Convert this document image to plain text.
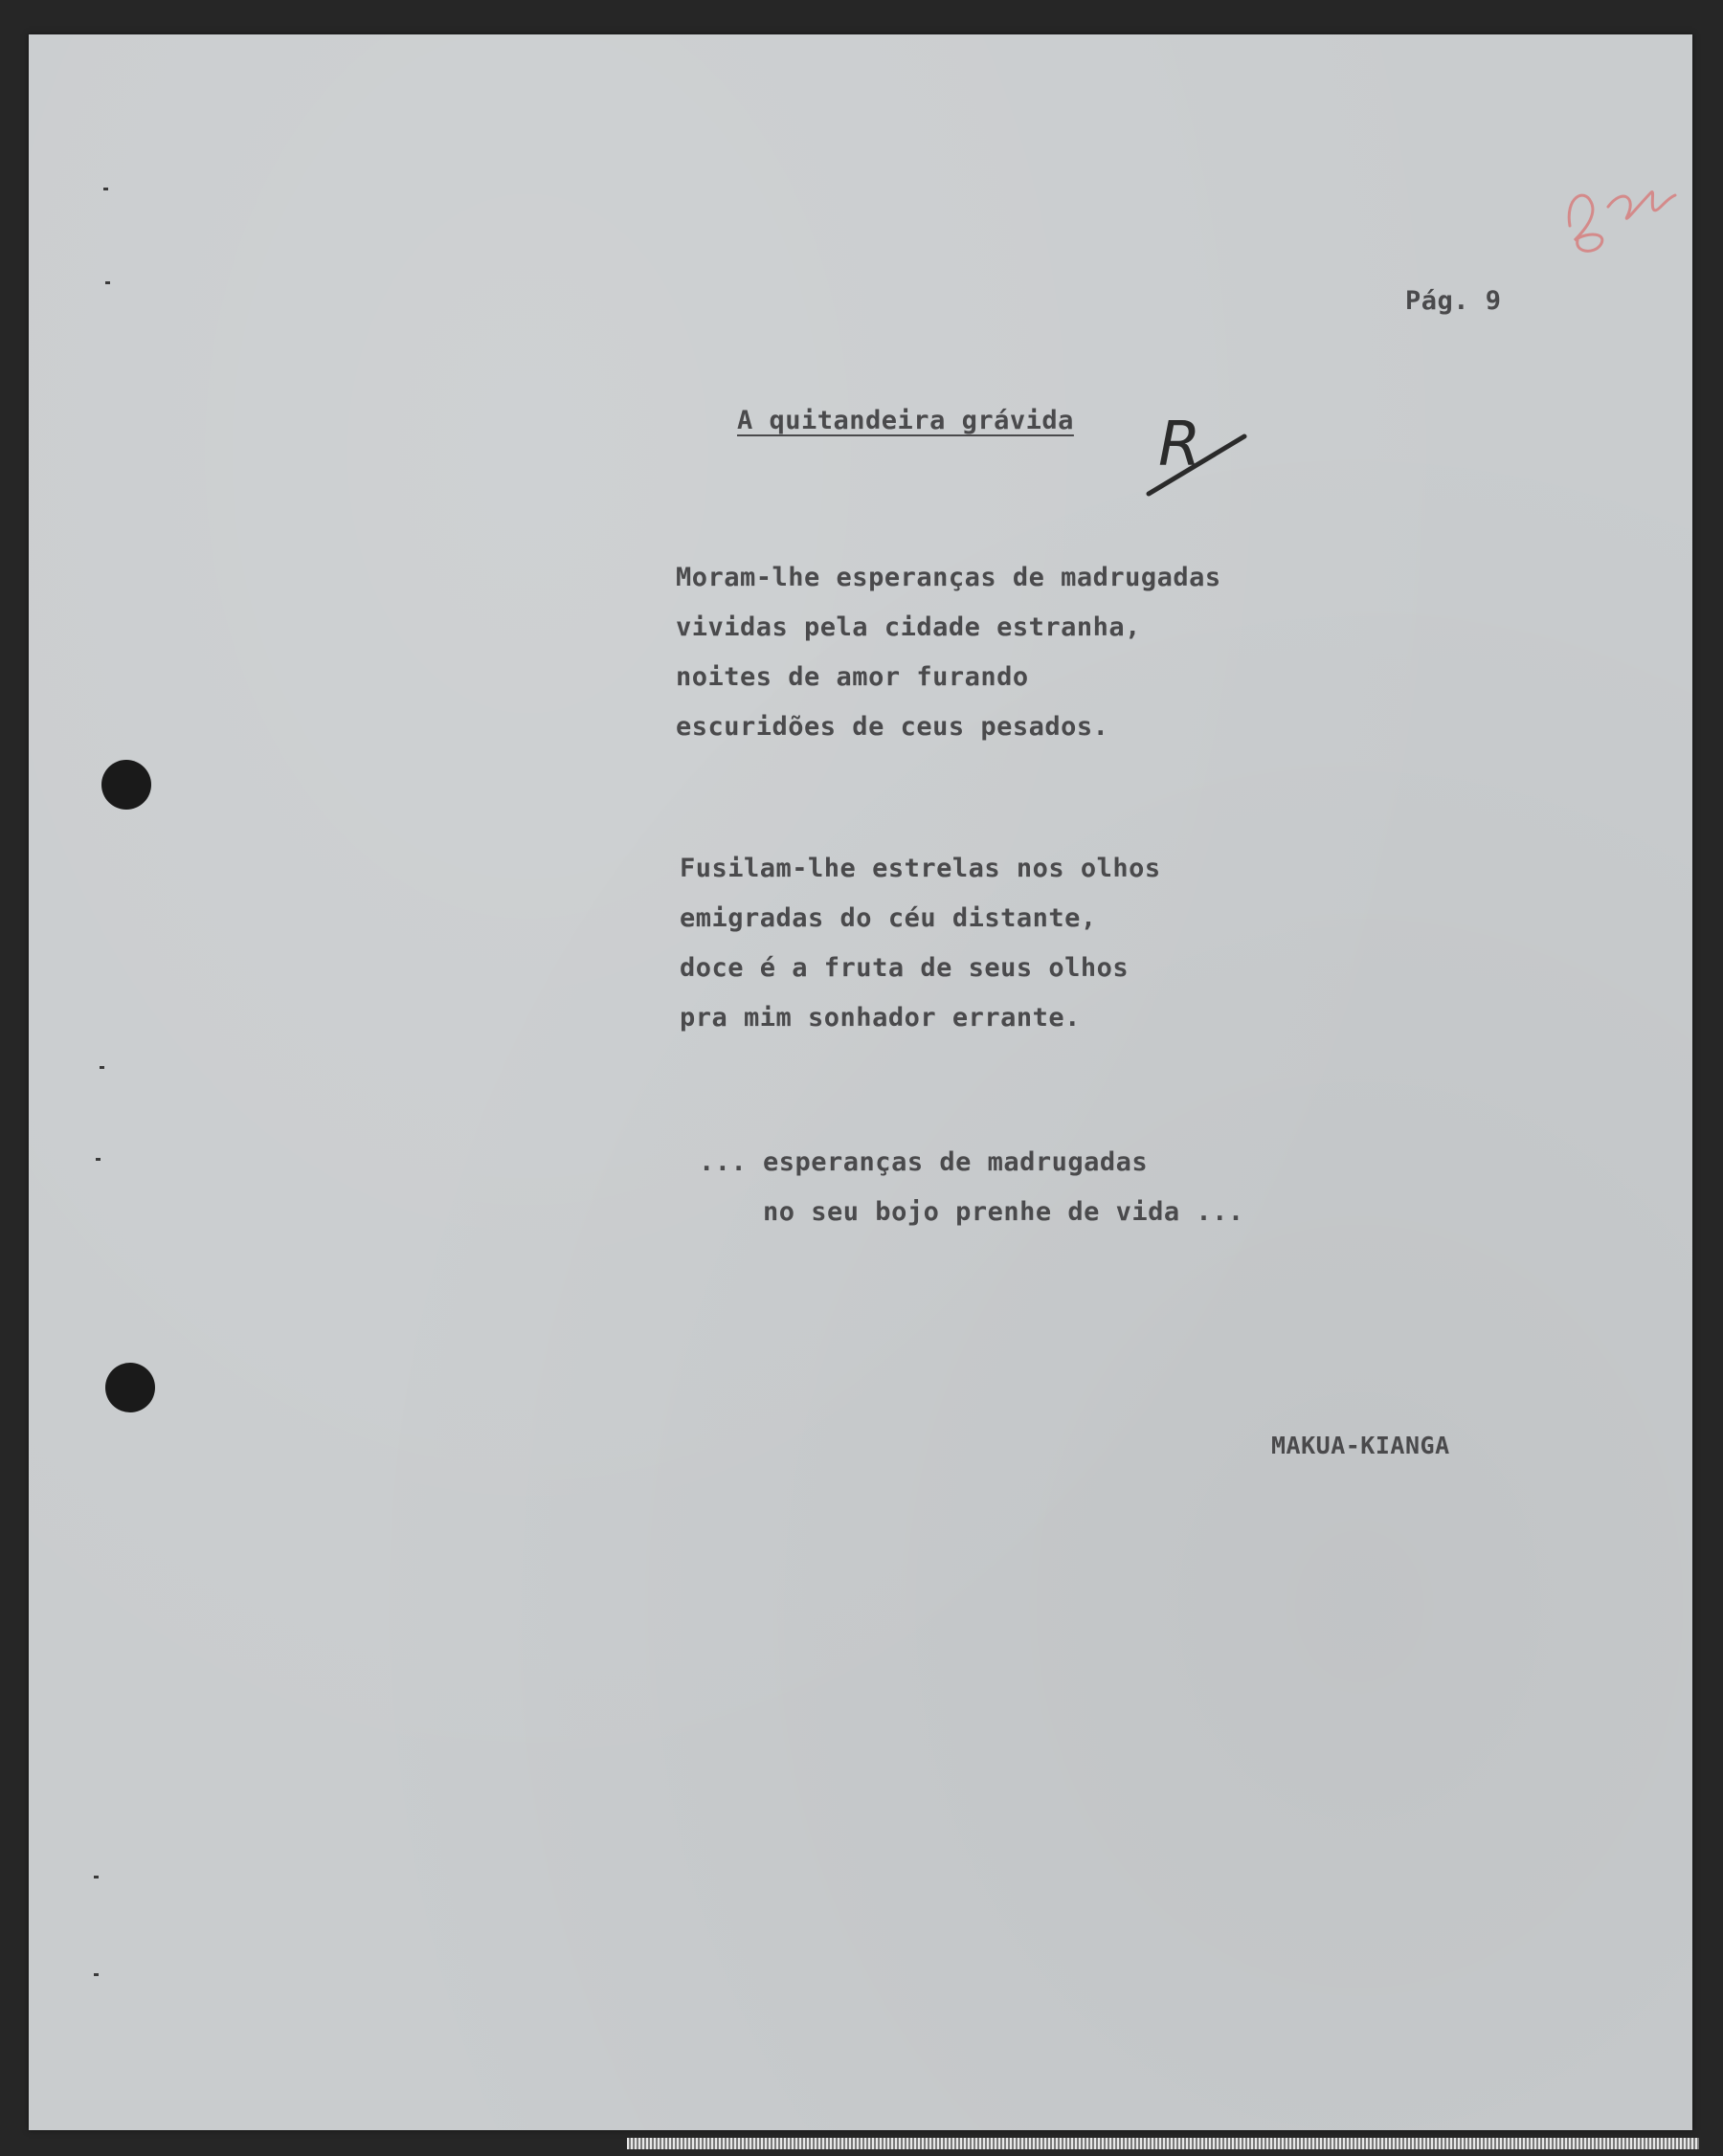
Pág. 9

A quitandeira grávida R

Moram-lhe esperanças de madrugadas
vividas pela cidade estranha,
noites de amor furando
escuridões de ceus pesados.

Fusilam-lhe estrelas nos olhos
emigradas do céu distante,
doce é a fruta de seus olhos
pra mim sonhador errante.

... esperanças de madrugadas
no seu bojo prenhe de vida ...

MAKUA-KIANGA
